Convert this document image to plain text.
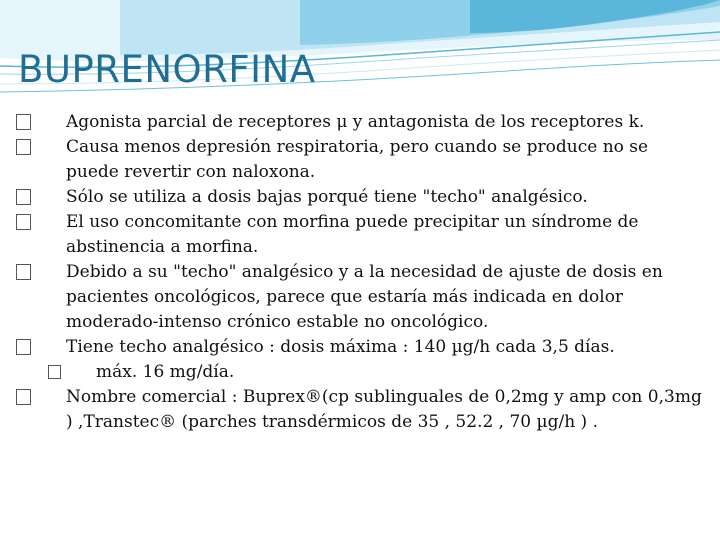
BUPRENORFINA
Agonista parcial de receptores μ y antagonista de los receptores k.
Causa menos depresión respiratoria, pero cuando se produce no se puede revertir con naloxona.
Sólo se utiliza a dosis bajas porqué tiene "techo" analgésico.
El uso concomitante con morfina puede precipitar un síndrome de abstinencia a morfina.
Debido a su "techo" analgésico y a la necesidad de ajuste de dosis en pacientes oncológicos, parece que estaría más indicada en dolor moderado-intenso crónico estable no oncológico.
Tiene techo analgésico : dosis máxima : 140 µg/h cada 3,5 días.
máx. 16 mg/día.
Nombre comercial : Buprex®(cp sublinguales de 0,2mg y amp con 0,3mg ) ,Transtec® (parches transdérmicos de 35 , 52.2 , 70 µg/h ) .
